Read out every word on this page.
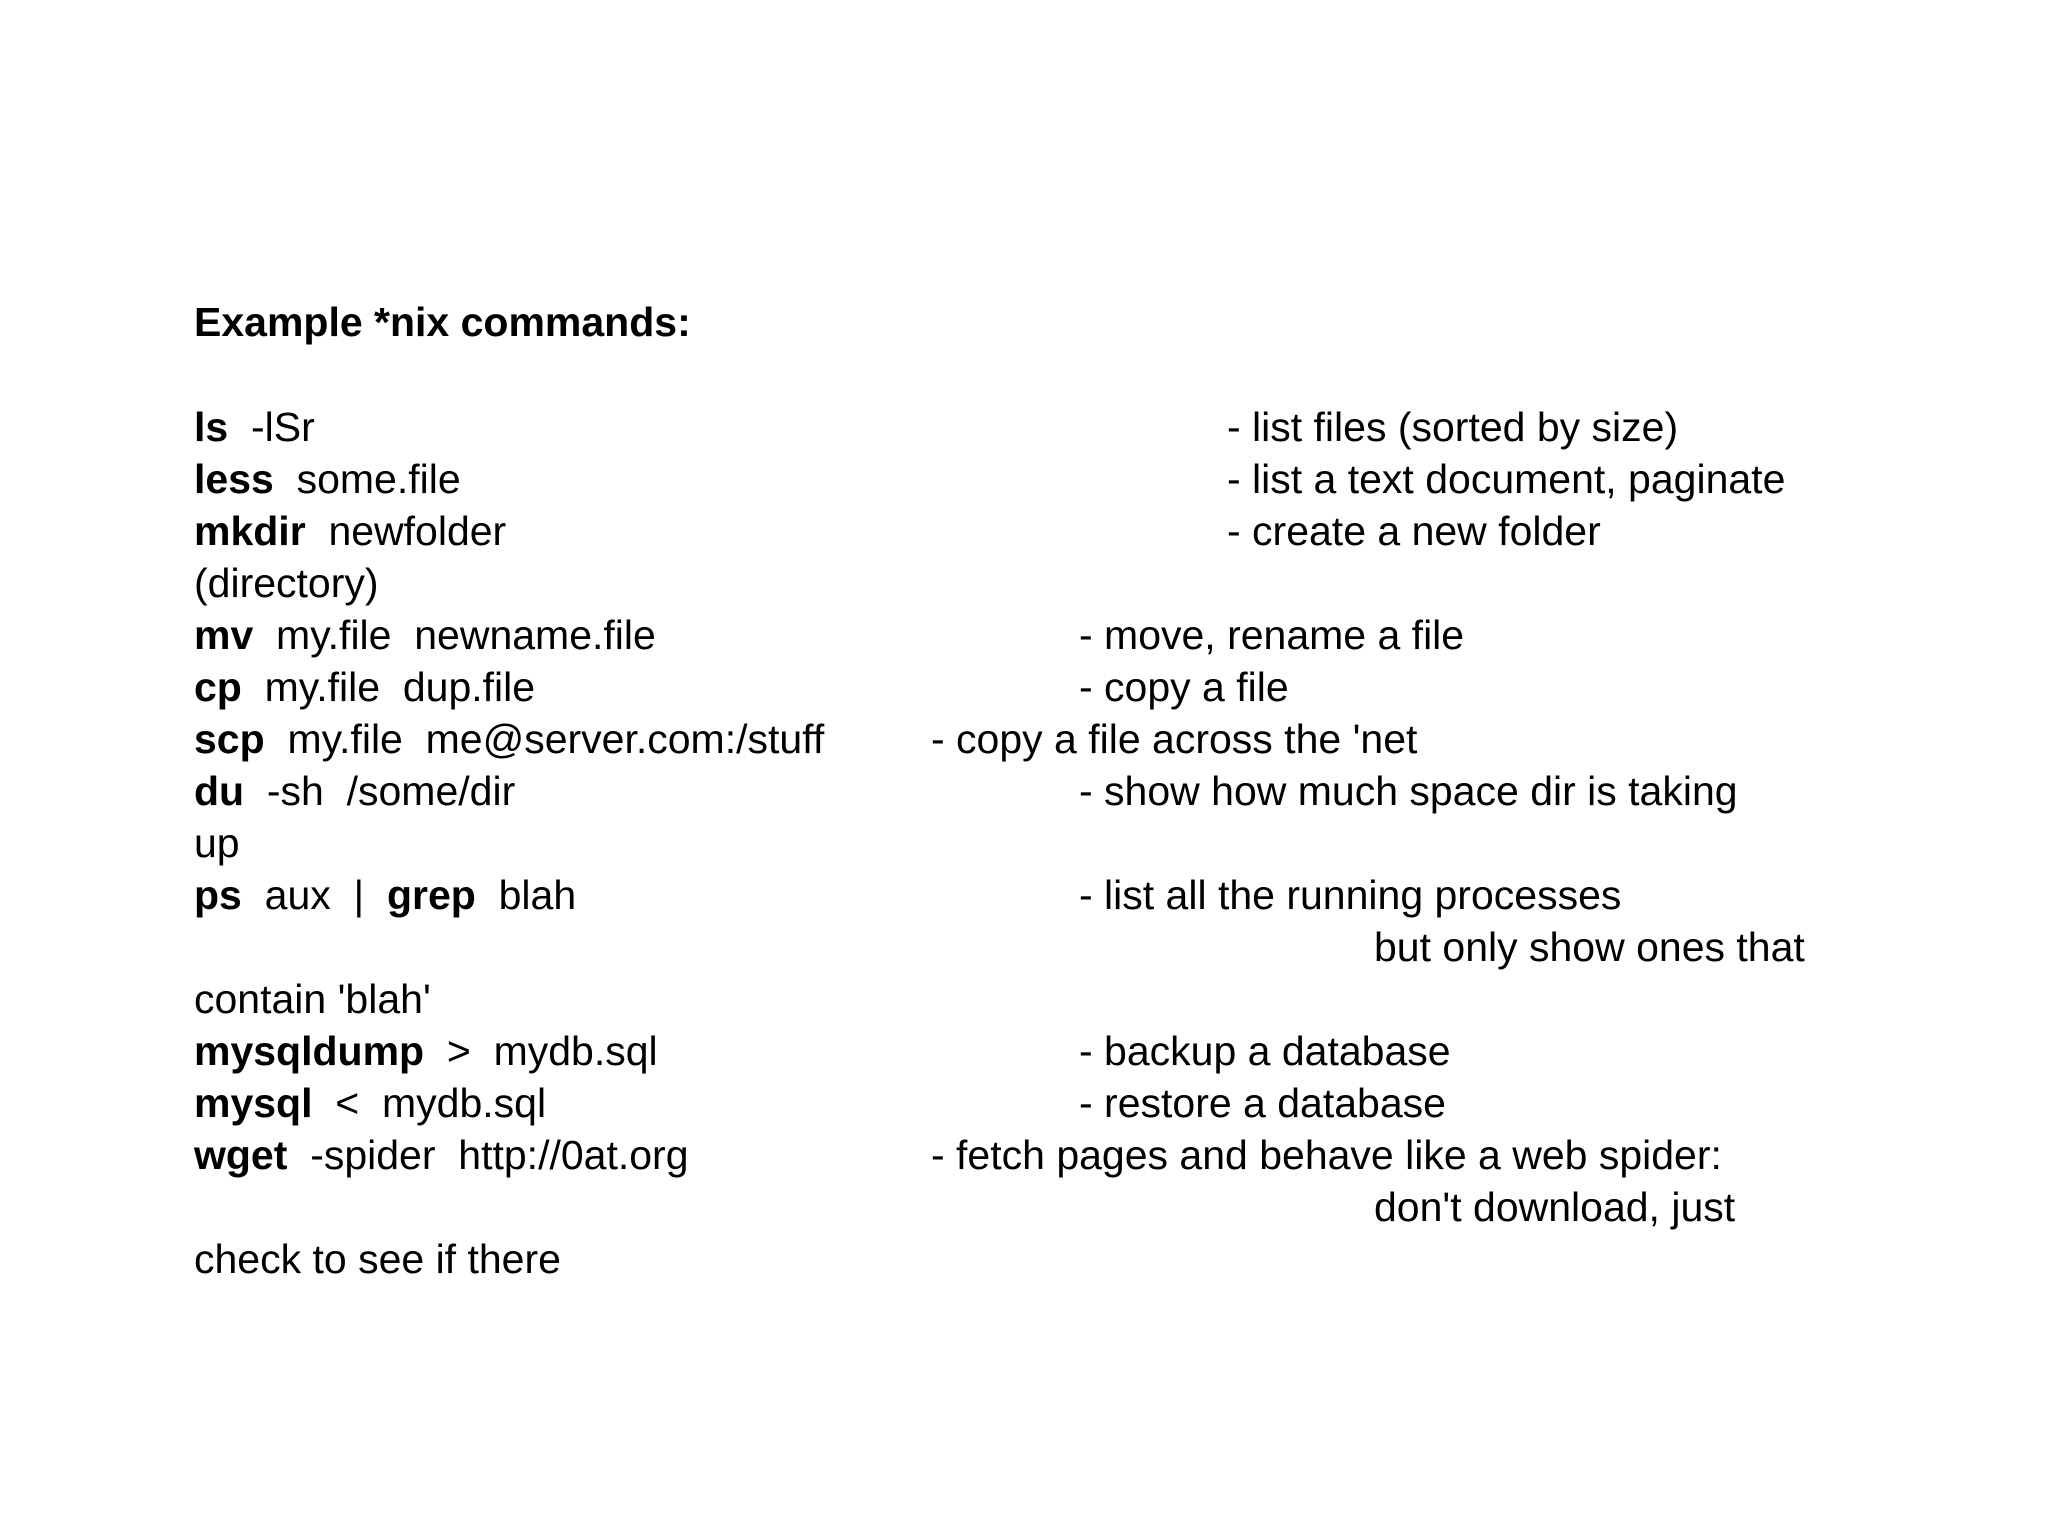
Example *nix commands:
ls  -lSr	- list files (sorted by size)
less  some.file	- list a text document, paginate
mkdir  newfolder	- create a new folder
(directory)
mv  my.file  newname.file	- move, rename a file
cp  my.file  dup.file	- copy a file
scp  my.file  me@server.com:/stuff	- copy a file across the 'net
du  -sh  /some/dir	- show how much space dir is taking
up
ps  aux  |  grep  blah	- list all the running processes
but only show ones that
contain 'blah'
mysqldump  >  mydb.sql	- backup a database
mysql  <  mydb.sql	- restore a database
wget  -spider  http://0at.org	- fetch pages and behave like a web spider:
don't download, just
check to see if there
